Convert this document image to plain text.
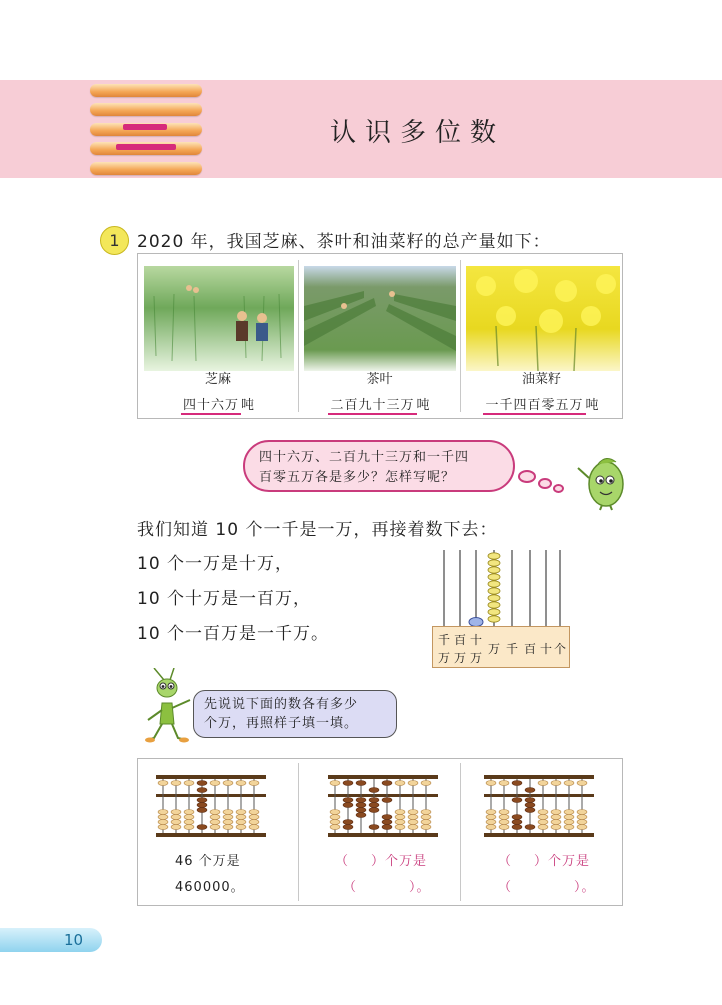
认识多位数
1	2020 年，我国芝麻、茶叶和油菜籽的总产量如下：
芝麻
四十六万 吨
茶叶
二百九十三万 吨
油菜籽
一千四百零五万 吨
四十六万、二百九十三万和一千四
百零五万各是多少？怎样写呢？
我们知道 10 个一千是一万，再接着数下去：
10 个一万是十万，
10 个十万是一百万，
10 个一百万是一千万。	千 百 十
万 万 万
万 千 百 十 个
先说说下面的数各有多少
个万，再照样子填一填。
46 个万是
460000。
（ ）个万是
（	）。
（ ）个万是
（	）。
10
